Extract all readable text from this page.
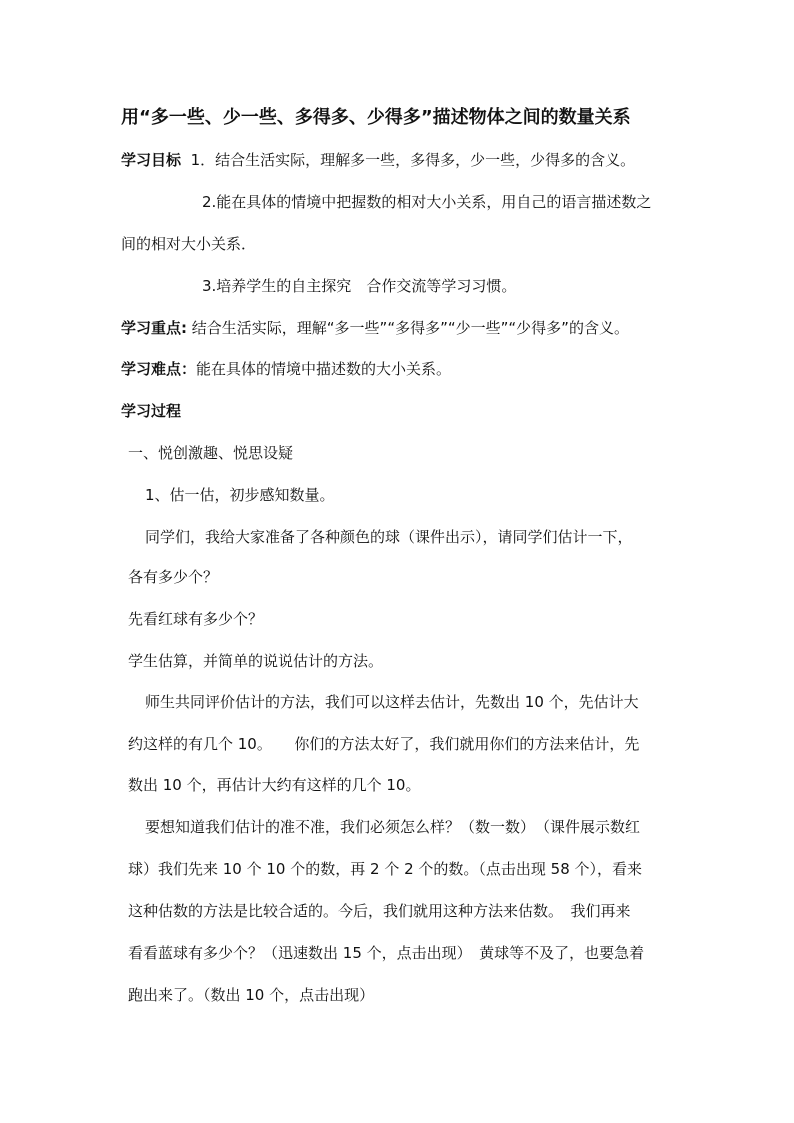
用“多一些、少一些、多得多、少得多”描述物体之间的数量关系
学习目标 1．结合生活实际，理解多一些，多得多，少一些，少得多的含义。
2.能在具体的情境中把握数的相对大小关系，用自己的语言描述数之
间的相对大小关系．
3.培养学生的自主探究　合作交流等学习习惯。
学习重点: 结合生活实际，理解“多一些”“多得多”“少一些”“少得多”的含义。
学习难点：能在具体的情境中描述数的大小关系。
学习过程
一、悦创激趣、悦思设疑
1、估一估，初步感知数量。
同学们，我给大家准备了各种颜色的球（课件出示），请同学们估计一下，
各有多少个？
先看红球有多少个？
学生估算，并简单的说说估计的方法。
师生共同评价估计的方法，我们可以这样去估计，先数出 10 个，先估计大
约这样的有几个 10。　　你们的方法太好了，我们就用你们的方法来估计，先
数出 10 个，再估计大约有这样的几个 10。
要想知道我们估计的准不准，我们必须怎么样？（数一数）　（课件展示数红
球）我们先来 10 个 10 个的数，再 2 个 2 个的数。（点击出现 58 个），看来
这种估数的方法是比较合适的。今后，我们就用这种方法来估数。　我们再来
看看蓝球有多少个？（迅速数出 15 个，点击出现）　黄球等不及了，也要急着
跑出来了。（数出 10 个，点击出现）
